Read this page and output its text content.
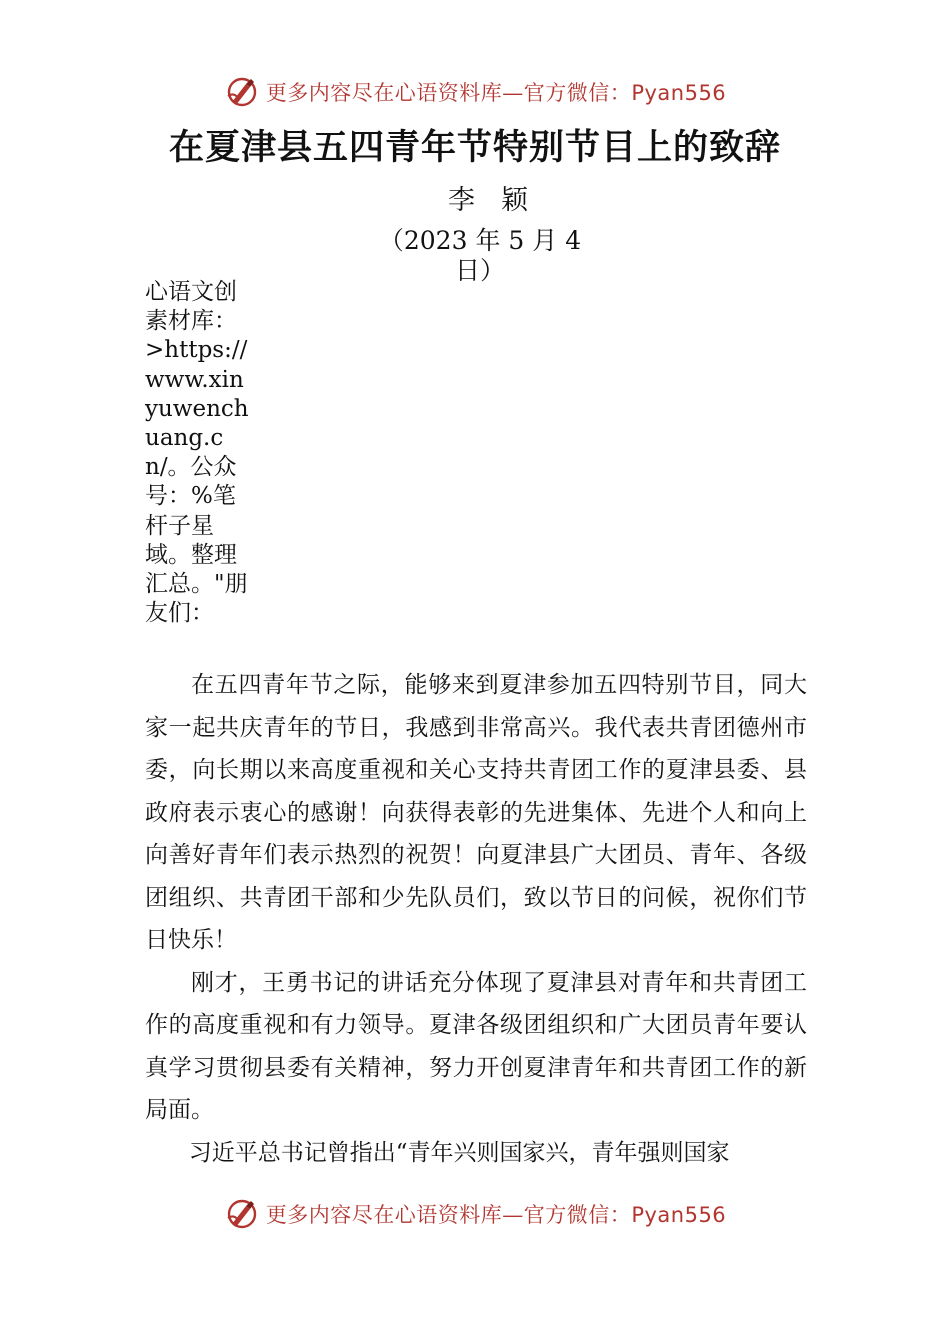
更多内容尽在心语资料库—官方微信：Pyan556
在夏津县五四青年节特别节目上的致辞
李颖
（2023 年 5 月 4
日）
心语文创素材库：>https://www.xinyuwenchuang.cn/。公众号：%笔杆子星域。整理汇总。"朋友们：

在五四青年节之际，能够来到夏津参加五四特别节目，同大家一起共庆青年的节日，我感到非常高兴。我代表共青团德州市委，向长期以来高度重视和关心支持共青团工作的夏津县委、县政府表示衷心的感谢！向获得表彰的先进集体、先进个人和向上向善好青年们表示热烈的祝贺！向夏津县广大团员、青年、各级团组织、共青团干部和少先队员们，致以节日的问候，祝你们节日快乐！

刚才，王勇书记的讲话充分体现了夏津县对青年和共青团工作的高度重视和有力领导。夏津各级团组织和广大团员青年要认真学习贯彻县委有关精神，努力开创夏津青年和共青团工作的新局面。

习近平总书记曾指出“青年兴则国家兴，青年强则国家

更多内容尽在心语资料库—官方微信：Pyan556
